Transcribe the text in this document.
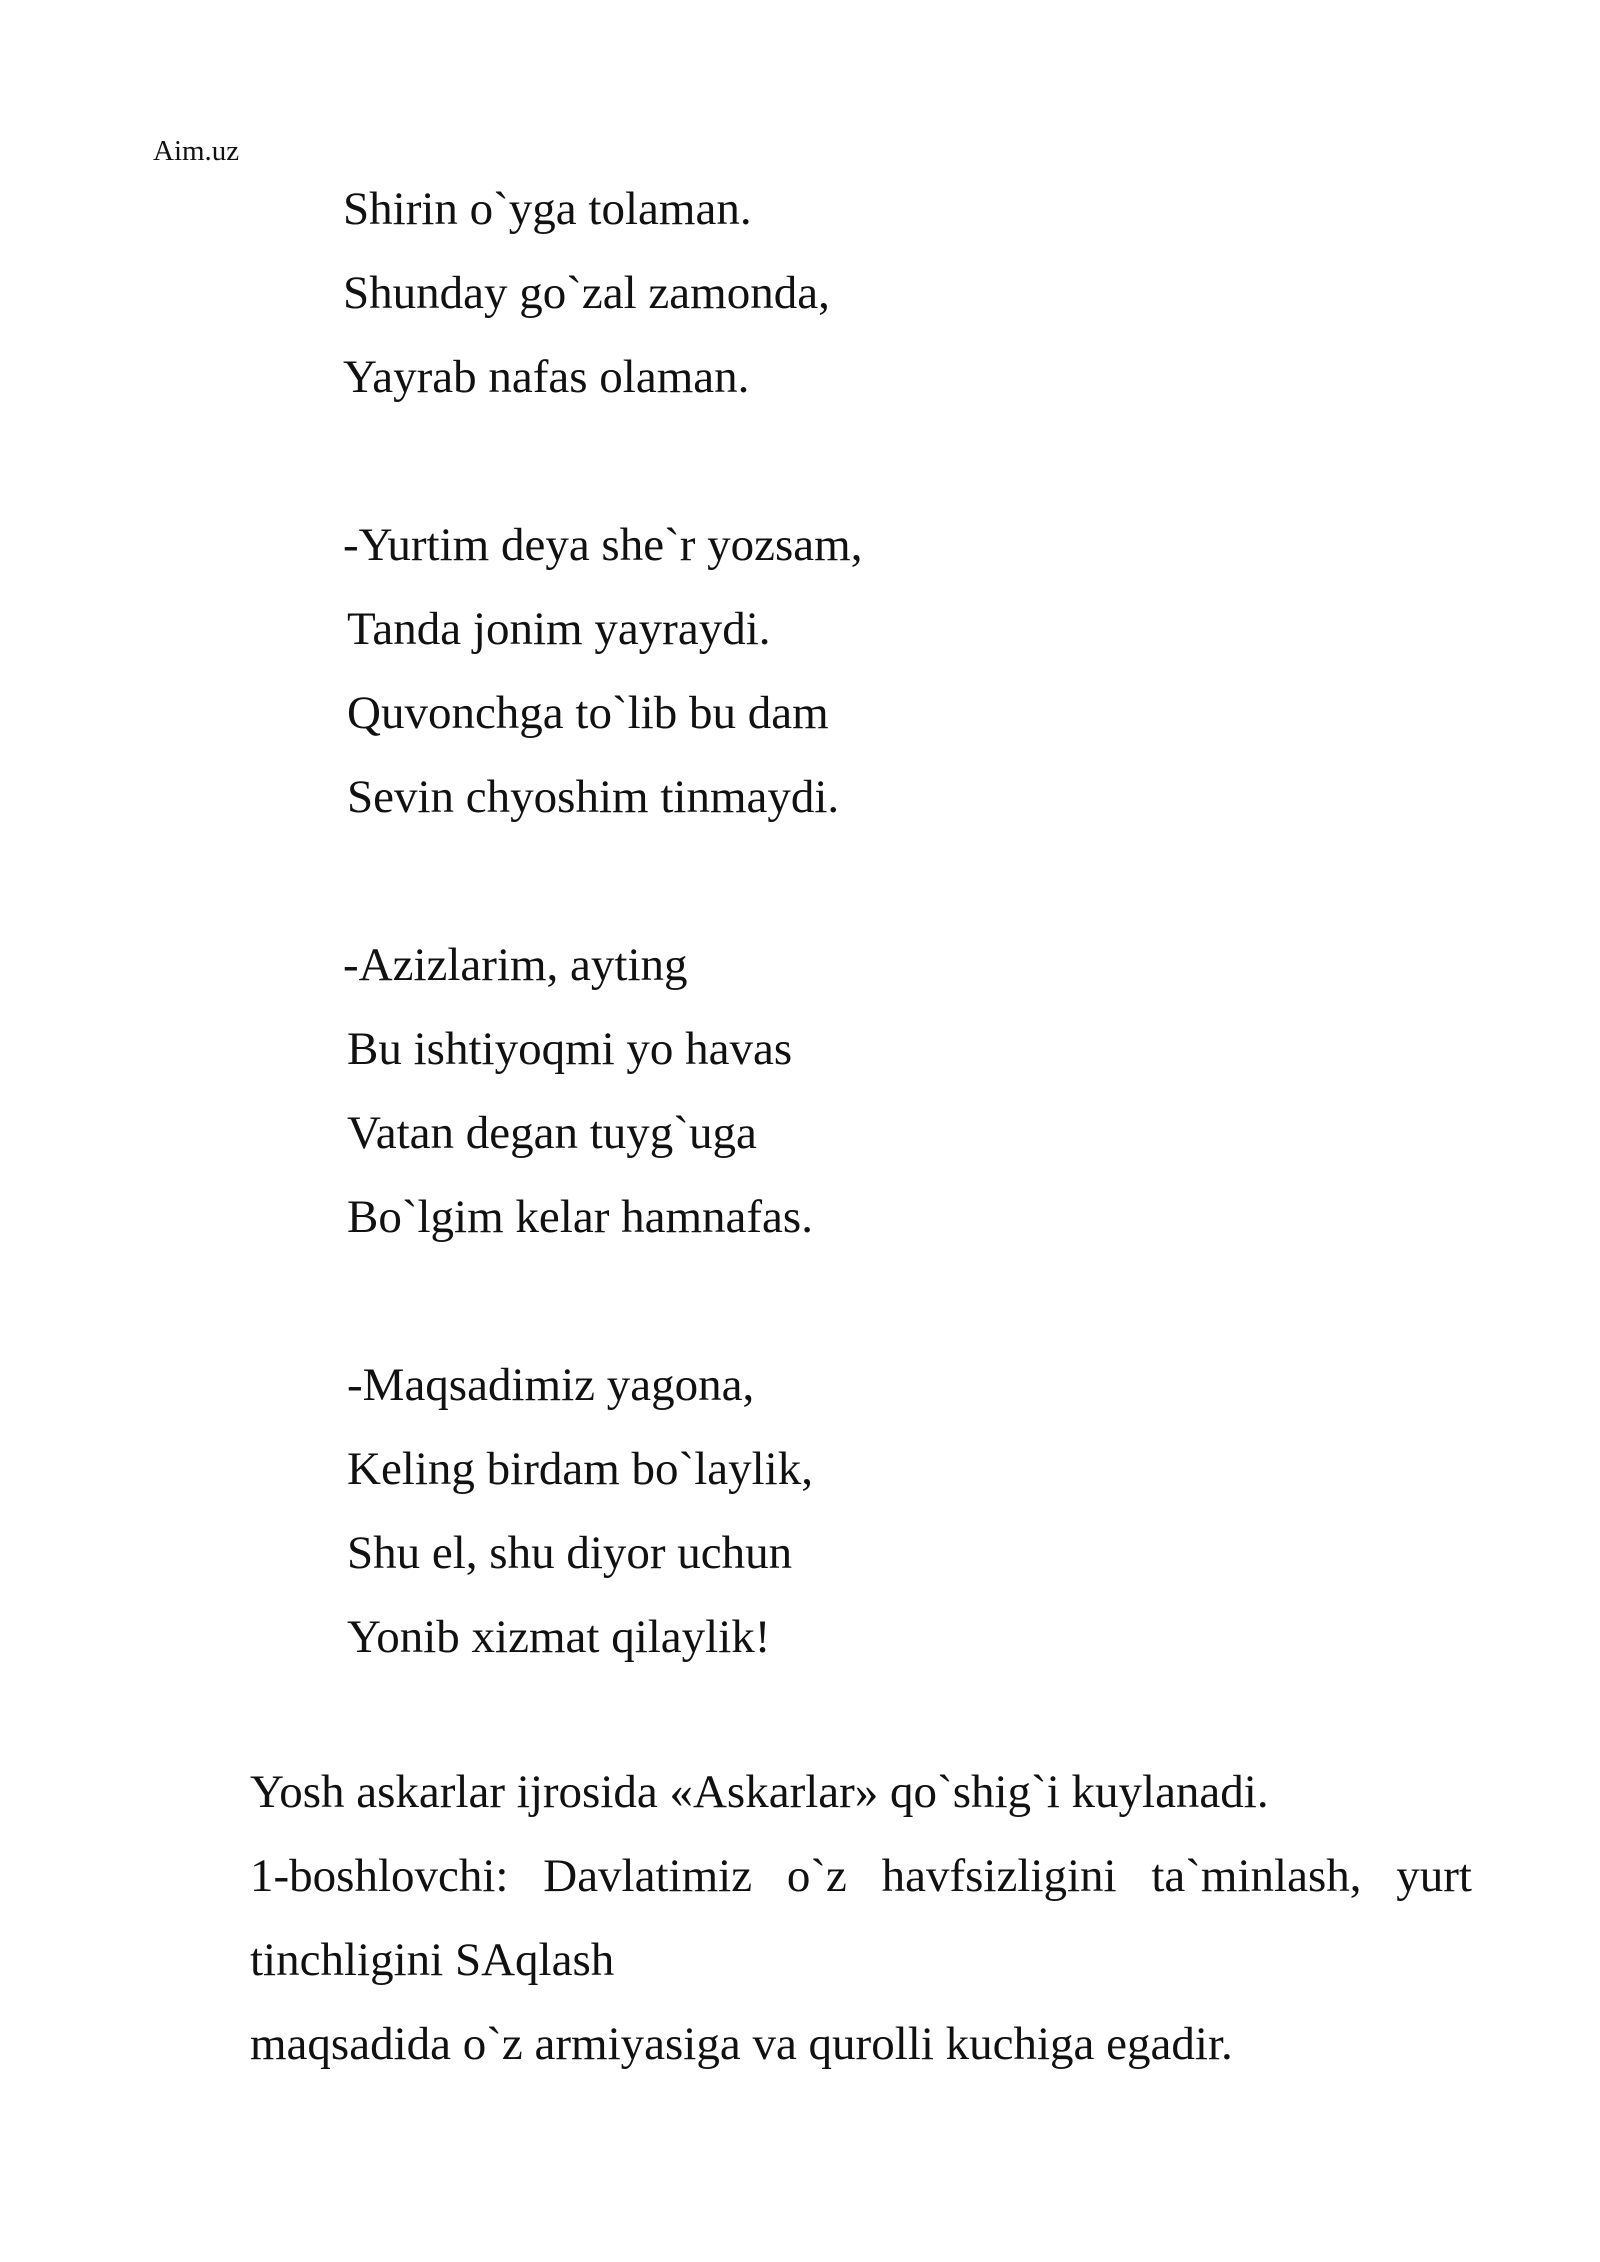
Aim.uz
Shirin o`yga tolaman.
Shunday go`zal zamonda,
Yayrab nafas olaman.
-Yurtim deya she`r yozsam,
Tanda jonim yayraydi.
Quvonchga to`lib bu dam
Sevin chyoshim tinmaydi.
-Azizlarim, ayting
Bu ishtiyoqmi yo havas
Vatan degan tuyg`uga
Bo`lgim kelar hamnafas.
-Maqsadimiz yagona,
Keling birdam bo`laylik,
Shu el, shu diyor uchun
Yonib xizmat qilaylik!

Yosh askarlar ijrosida «Askarlar» qo`shig`i kuylanadi.

1-boshlovchi: Davlatimiz o`z havfsizligini ta`minlash, yurt

tinchligini SAqlash

maqsadida o`z armiyasiga va qurolli kuchiga egadir.
